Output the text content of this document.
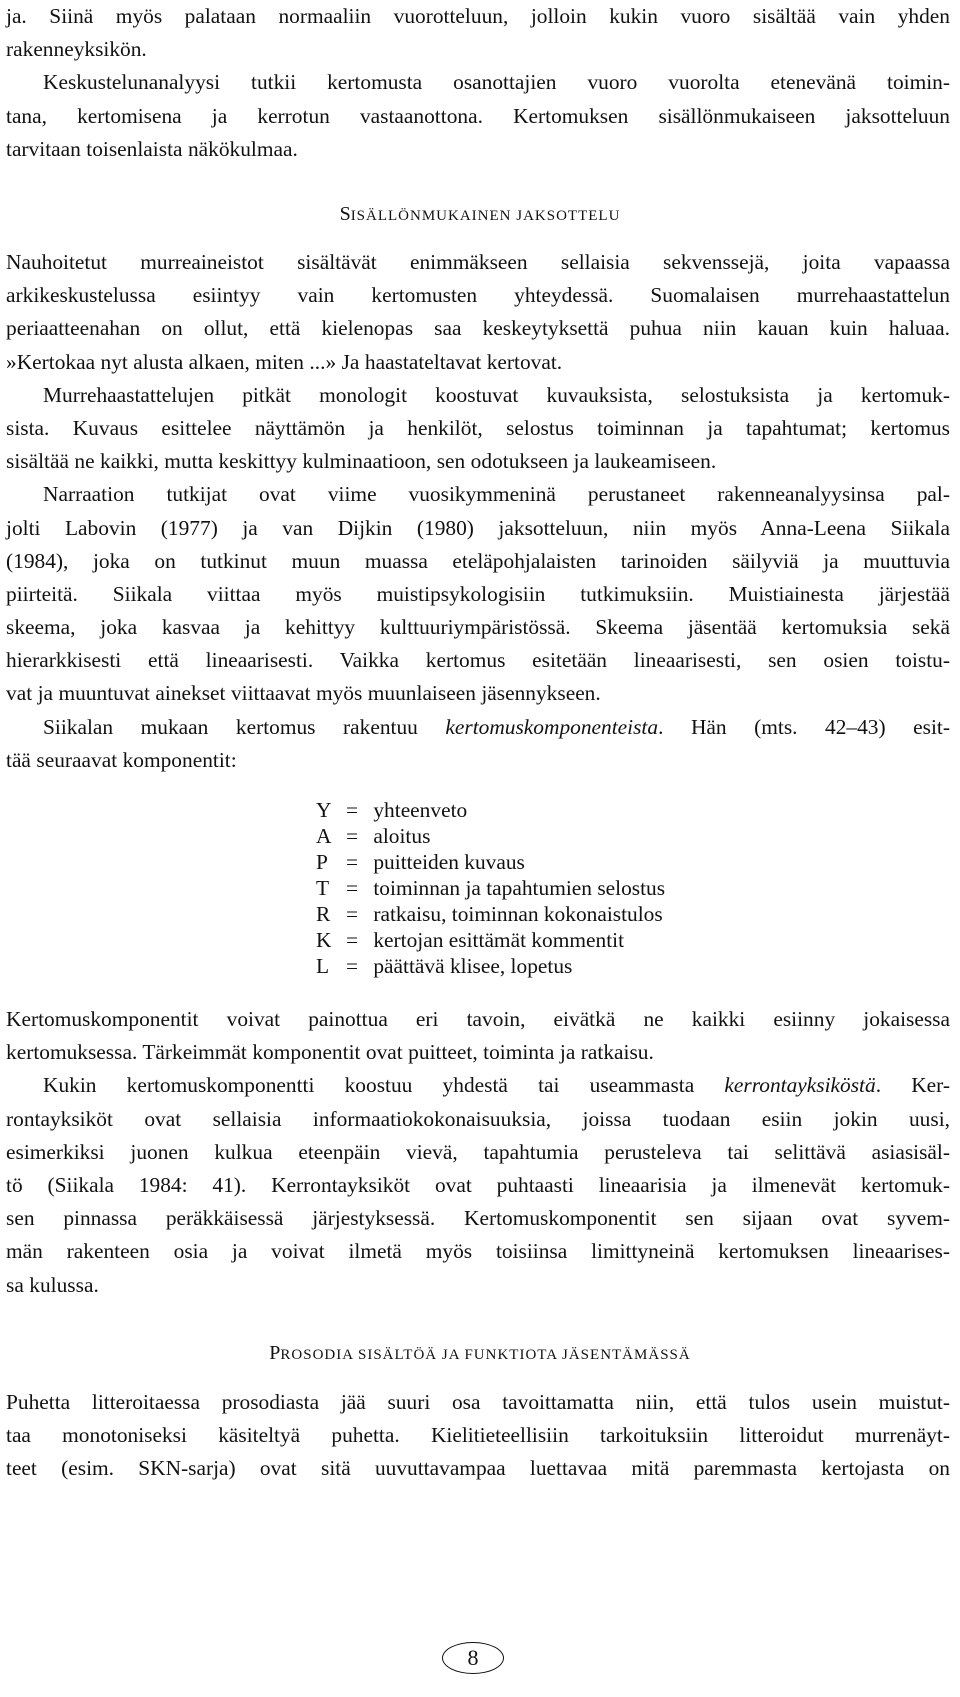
ja. Siinä myös palataan normaaliin vuorotteluun, jolloin kukin vuoro sisältää vain yhden
rakenneyksikön.
Keskustelunanalyysi tutkii kertomusta osanottajien vuoro vuorolta etenevänä toimin-
tana, kertomisena ja kerrotun vastaanottona. Kertomuksen sisällönmukaiseen jaksotteluun
tarvitaan toisenlaista näkökulmaa.
SISÄLLÖNMUKAINEN JAKSOTTELU
Nauhoitetut murreaineistot sisältävät enimmäkseen sellaisia sekvenssejä, joita vapaassa
arkikeskustelussa esiintyy vain kertomusten yhteydessä. Suomalaisen murrehaastattelun
periaatteenahan on ollut, että kielenopas saa keskeytyksettä puhua niin kauan kuin haluaa.
»Kertokaa nyt alusta alkaen, miten ...» Ja haastateltavat kertovat.
Murrehaastattelujen pitkät monologit koostuvat kuvauksista, selostuksista ja kertomuk-
sista. Kuvaus esittelee näyttämön ja henkilöt, selostus toiminnan ja tapahtumat; kertomus
sisältää ne kaikki, mutta keskittyy kulminaatioon, sen odotukseen ja laukeamiseen.
Narraation tutkijat ovat viime vuosikymmeninä perustaneet rakenneanalyysinsa pal-
jolti Labovin (1977) ja van Dijkin (1980) jaksotteluun, niin myös Anna-Leena Siikala
(1984), joka on tutkinut muun muassa eteläpohjalaisten tarinoiden säilyviä ja muuttuvia
piirteitä. Siikala viittaa myös muistipsykologisiin tutkimuksiin. Muistiainesta järjestää
skeema, joka kasvaa ja kehittyy kulttuuriympäristössä. Skeema jäsentää kertomuksia sekä
hierarkkisesti että lineaarisesti. Vaikka kertomus esitetään lineaarisesti, sen osien toistu-
vat ja muuntuvat ainekset viittaavat myös muunlaiseen jäsennykseen.
Siikalan mukaan kertomus rakentuu kertomuskomponenteista. Hän (mts. 42–43) esit-
tää seuraavat komponentit:
Y = yhteenveto
A = aloitus
P = puitteiden kuvaus
T = toiminnan ja tapahtumien selostus
R = ratkaisu, toiminnan kokonaistulos
K = kertojan esittämät kommentit
L = päättävä klisee, lopetus
Kertomuskomponentit voivat painottua eri tavoin, eivätkä ne kaikki esiinny jokaisessa
kertomuksessa. Tärkeimmät komponentit ovat puitteet, toiminta ja ratkaisu.
Kukin kertomuskomponentti koostuu yhdestä tai useammasta kerrontayksiköstä. Ker-
rontayksiköt ovat sellaisia informaatiokokonaisuuksia, joissa tuodaan esiin jokin uusi,
esimerkiksi juonen kulkua eteenpäin vievä, tapahtumia perusteleva tai selittävä asiasisäl-
tö (Siikala 1984: 41). Kerrontayksiköt ovat puhtaasti lineaarisia ja ilmenevät kertomuk-
sen pinnassa peräkkäisessä järjestyksessä. Kertomuskomponentit sen sijaan ovat syvem-
män rakenteen osia ja voivat ilmetä myös toisiinsa limittyneinä kertomuksen lineaarises-
sa kulussa.
PROSODIA SISÄLTÖÄ JA FUNKTIOTA JÄSENTÄMÄSSÄ
Puhetta litteroitaessa prosodiasta jää suuri osa tavoittamatta niin, että tulos usein muistut-
taa monotoniseksi käsiteltyä puhetta. Kielitieteellisiin tarkoituksiin litteroidut murrenäyt-
teet (esim. SKN-sarja) ovat sitä uuvuttavampaa luettavaa mitä paremmasta kertojasta on
8
